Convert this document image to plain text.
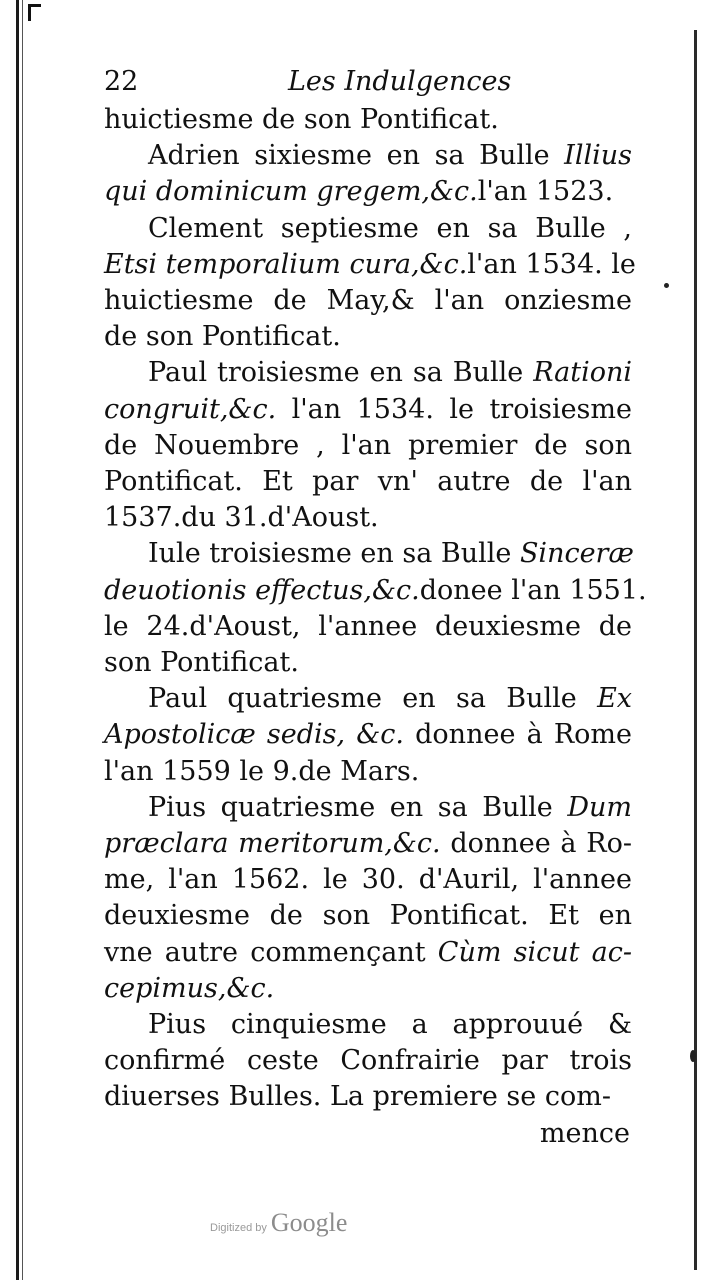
22	Les Indulgences
huictiesme de son Pontificat.
Adrien sixiesme en sa Bulle Illius
qui dominicum gregem,&c.l'an 1523.
Clement septiesme en sa Bulle ,
Etsi temporalium cura,&c.l'an 1534. le
huictiesme de May,& l'an onziesme
de son Pontificat.
Paul troisiesme en sa Bulle Rationi
congruit,&c. l'an 1534. le troisiesme
de Nouembre , l'an premier de son
Pontificat. Et par vn' autre de l'an
1537.du 31.d'Aoust.
Iule troisiesme en sa Bulle Sinceræ
deuotionis effectus,&c.donee l'an 1551.
le 24.d'Aoust, l'annee deuxiesme de
son Pontificat.
Paul quatriesme en sa Bulle Ex
Apostolicæ sedis, &c. donnee à Rome
l'an 1559 le 9.de Mars.
Pius quatriesme en sa Bulle Dum
præclara meritorum,&c. donnee à Ro-
me, l'an 1562. le 30. d'Auril, l'annee
deuxiesme de son Pontificat. Et en
vne autre commençant Cùm sicut ac-
cepimus,&c.
Pius cinquiesme a approuué &
confirmé ceste Confrairie par trois
diuerses Bulles. La premiere se com-
mence
Digitized by Google
